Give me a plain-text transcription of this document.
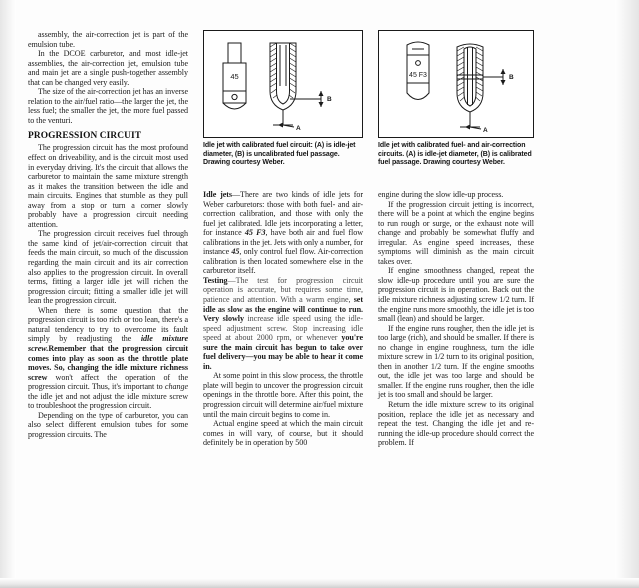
assembly, the air-correction jet is part of the emulsion tube.

In the DCOE carburetor, and most idle-jet assemblies, the air-correction jet, emulsion tube and main jet are a single push-together assembly that can be changed very easily.

The size of the air-correction jet has an inverse relation to the air/fuel ratio—the larger the jet, the less fuel; the smaller the jet, the more fuel passed to the venturi.

PROGRESSION CIRCUIT

The progression circuit has the most profound effect on driveability, and is the circuit most used in everyday driving. It's the circuit that allows the carburetor to maintain the same mixture strength as it makes the transition between the idle and main circuits. Engines that stumble as they pull away from a stop or turn a corner slowly probably have a progression circuit needing attention.

The progression circuit receives fuel through the same kind of jet/air-correction circuit that feeds the main circuit, so much of the discussion regarding the main circuit and its air correction also applies to the progression circuit. In overall terms, fitting a larger idle jet will richen the progression circuit; fitting a smaller idle jet will lean the progression circuit.

When there is some question that the progression circuit is too rich or too lean, there's a natural tendency to try to overcome its fault simply by readjusting the idle mixture screw.Remember that the progression circuit comes into play as soon as the throttle plate moves. So, changing the idle mixture richness screw won't affect the operation of the progression circuit. Thus, it's important to change the idle jet and not adjust the idle mixture screw to troubleshoot the progression circuit.

Depending on the type of carburetor, you can also select different emulsion tubes for some progression circuits. The

45
B
A
45 F3	B
A
Idle jet with calibrated fuel circuit: (A) is idle-jet diameter, (B) is uncalibrated fuel passage. Drawing courtesy Weber.
Idle jet with calibrated fuel- and air-correction circuits. (A) is idle-jet diameter, (B) is calibrated fuel passage. Drawing courtesy Weber.

Idle jets—There are two kinds of idle jets for Weber carburetors: those with both fuel- and air-correction calibration, and those with only the fuel jet calibrated. Idle jets incorporating a letter, for instance 45 F3, have both air and fuel flow calibrations in the jet. Jets with only a number, for instance 45, only control fuel flow. Air-correction calibration is then located somewhere else in the carburetor itself.

Testing—The test for progression circuit operation is accurate, but requires some time, patience and attention. With a warm engine, set idle as slow as the engine will continue to run. Very slowly increase idle speed using the idle-speed adjustment screw. Stop increasing idle speed at about 2000 rpm, or whenever you're sure the main circuit has begun to take over fuel delivery—you may be able to hear it come in.

At some point in this slow process, the throttle plate will begin to uncover the progression circuit openings in the throttle bore. After this point, the progression circuit will determine air/fuel mixture until the main circuit begins to come in.

Actual engine speed at which the main circuit comes in will vary, of course, but it should definitely be in operation by 500

engine during the slow idle-up process.

If the progression circuit jetting is incorrect, there will be a point at which the engine begins to run rough or surge, or the exhaust note will change and probably be somewhat fluffy and irregular. As engine speed increases, these symptoms will diminish as the main circuit takes over.

If engine smoothness changed, repeat the slow idle-up procedure until you are sure the progression circuit is in operation. Back out the idle mixture richness adjusting screw 1/2 turn. If the engine runs more smoothly, the idle jet is too small (lean) and should be larger.

If the engine runs rougher, then the idle jet is too large (rich), and should be smaller. If there is no change in engine roughness, turn the idle mixture screw in 1/2 turn to its original position, then in another 1/2 turn. If the engine smooths out, the idle jet was too large and should be smaller. If the engine runs rougher, then the idle jet is too small and should be larger.

Return the idle mixture screw to its original position, replace the idle jet as necessary and repeat the test. Changing the idle jet and re-running the idle-up procedure should correct the problem. If
